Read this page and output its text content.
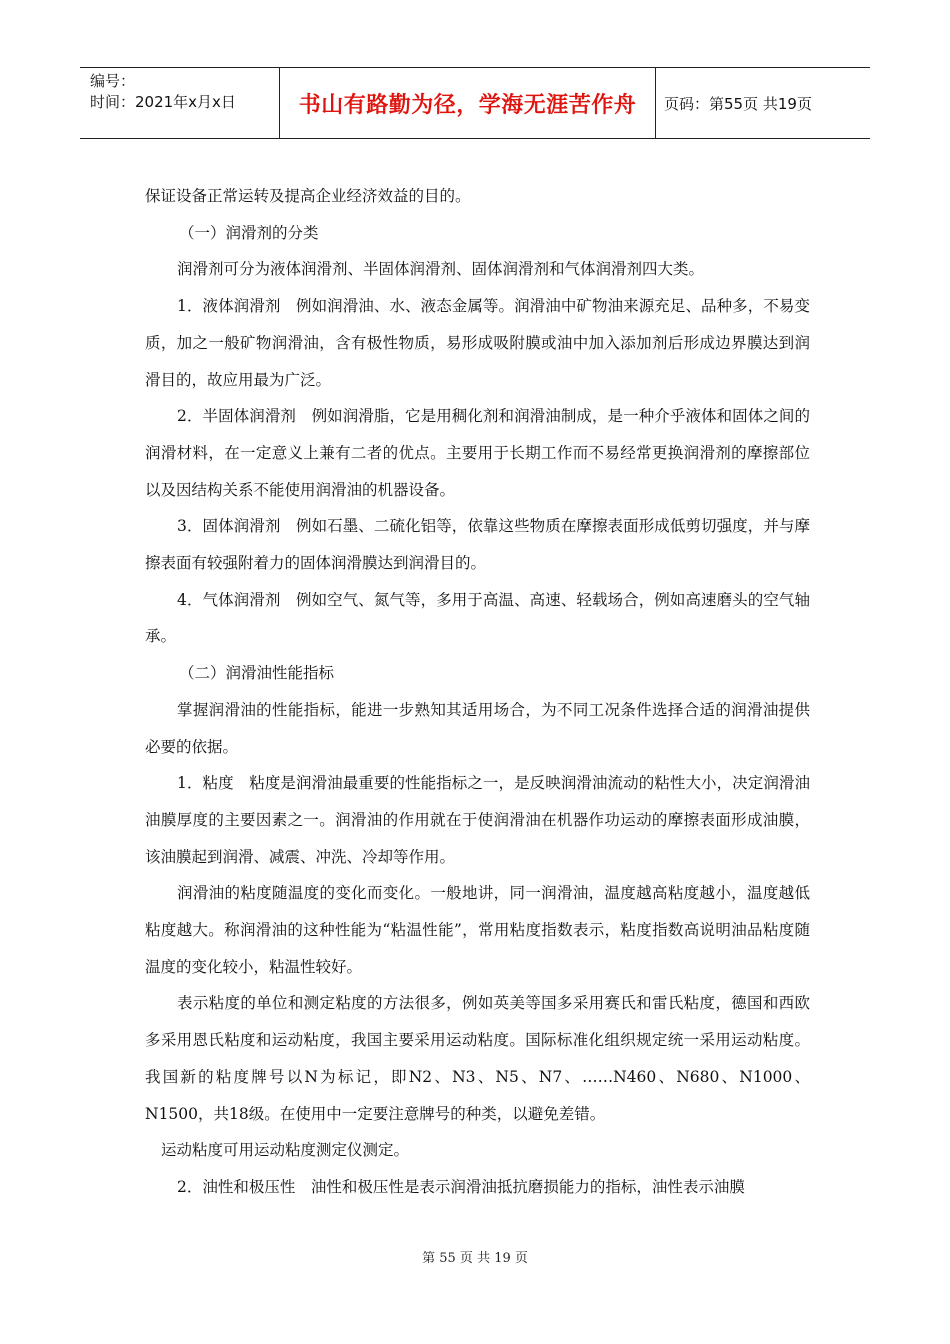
编号：
时间：2021年x月x日	书山有路勤为径，学海无涯苦作舟	页码：第55页 共19页

保证设备正常运转及提高企业经济效益的目的。

（一）润滑剂的分类

润滑剂可分为液体润滑剂、半固体润滑剂、固体润滑剂和气体润滑剂四大类。

1．液体润滑剂　例如润滑油、水、液态金属等。润滑油中矿物油来源充足、品种多，不易变质，加之一般矿物润滑油，含有极性物质，易形成吸附膜或油中加入添加剂后形成边界膜达到润滑目的，故应用最为广泛。

2．半固体润滑剂　例如润滑脂，它是用稠化剂和润滑油制成，是一种介乎液体和固体之间的润滑材料，在一定意义上兼有二者的优点。主要用于长期工作而不易经常更换润滑剂的摩擦部位以及因结构关系不能使用润滑油的机器设备。

3．固体润滑剂　例如石墨、二硫化铝等，依靠这些物质在摩擦表面形成低剪切强度，并与摩擦表面有较强附着力的固体润滑膜达到润滑目的。

4．气体润滑剂　例如空气、氮气等，多用于高温、高速、轻载场合，例如高速磨头的空气轴承。

（二）润滑油性能指标

掌握润滑油的性能指标，能进一步熟知其适用场合，为不同工况条件选择合适的润滑油提供必要的依据。

1．粘度　粘度是润滑油最重要的性能指标之一，是反映润滑油流动的粘性大小，决定润滑油油膜厚度的主要因素之一。润滑油的作用就在于使润滑油在机器作功运动的摩擦表面形成油膜，该油膜起到润滑、减震、冲洗、冷却等作用。

润滑油的粘度随温度的变化而变化。一般地讲，同一润滑油，温度越高粘度越小，温度越低粘度越大。称润滑油的这种性能为“粘温性能”，常用粘度指数表示，粘度指数高说明油品粘度随温度的变化较小，粘温性较好。

表示粘度的单位和测定粘度的方法很多，例如英美等国多采用赛氏和雷氏粘度，德国和西欧多采用恩氏粘度和运动粘度，我国主要采用运动粘度。国际标准化组织规定统一采用运动粘度。我国新的粘度牌号以N为标记，即N2、N3、N5、N7、……N460、N680、N1000、N1500，共18级。在使用中一定要注意牌号的种类，以避免差错。

运动粘度可用运动粘度测定仪测定。

2．油性和极压性　油性和极压性是表示润滑油抵抗磨损能力的指标，油性表示油膜

第 55 页 共 19 页
